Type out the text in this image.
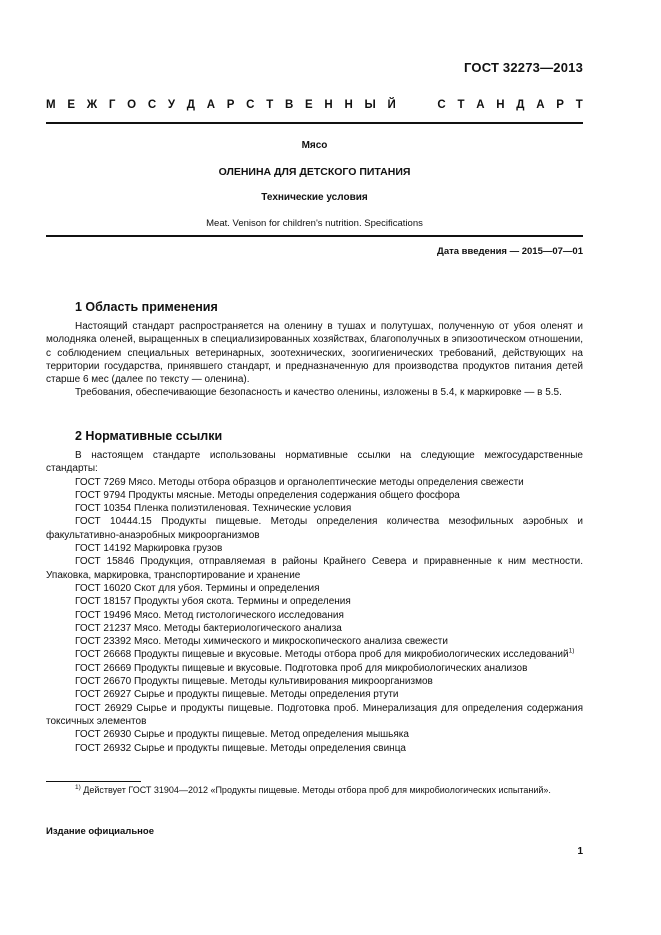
ГОСТ 32273—2013
М Е Ж Г О С У Д А Р С Т В Е Н Н Ы Й

	С Т А Н Д А Р Т
Мясо
ОЛЕНИНА ДЛЯ ДЕТСКОГО ПИТАНИЯ
Технические условия
Meat. Venison for children's nutrition. Specifications
Дата введения — 2015—07—01
1 Область применения

Настоящий стандарт распространяется на оленину в тушах и полутушах, полученную от убоя оленят и молодняка оленей, выращенных в специализированных хозяйствах, благополучных в эпизоотическом отношении, с соблюдением специальных ветеринарных, зоотехнических, зоогигиенических требований, действующих на территории государства, принявшего стандарт, и предназначенную для производства продуктов питания детей старше 6 мес (далее по тексту — оленина).

Требования, обеспечивающие безопасность и качество оленины, изложены в 5.4, к маркировке — в 5.5.

2 Нормативные ссылки

В настоящем стандарте использованы нормативные ссылки на следующие межгосударственные стандарты:

ГОСТ 7269 Мясо. Методы отбора образцов и органолептические методы определения свежести

ГОСТ 9794 Продукты мясные. Методы определения содержания общего фосфора

ГОСТ 10354 Пленка полиэтиленовая. Технические условия

ГОСТ 10444.15 Продукты пищевые. Методы определения количества мезофильных аэробных и факультативно-анаэробных микроорганизмов

ГОСТ 14192 Маркировка грузов

ГОСТ 15846 Продукция, отправляемая в районы Крайнего Севера и приравненные к ним местности. Упаковка, маркировка, транспортирование и хранение

ГОСТ 16020 Скот для убоя. Термины и определения

ГОСТ 18157 Продукты убоя скота. Термины и определения

ГОСТ 19496 Мясо. Метод гистологического исследования

ГОСТ 21237 Мясо. Методы бактериологического анализа

ГОСТ 23392 Мясо. Методы химического и микроскопического анализа свежести

ГОСТ 26668 Продукты пищевые и вкусовые. Методы отбора проб для микробиологических исследований$^{1)}$

ГОСТ 26669 Продукты пищевые и вкусовые. Подготовка проб для микробиологических анализов

ГОСТ 26670 Продукты пищевые. Методы культивирования микроорганизмов

ГОСТ 26927 Сырье и продукты пищевые. Методы определения ртути

ГОСТ 26929 Сырье и продукты пищевые. Подготовка проб. Минерализация для определения содержания токсичных элементов

ГОСТ 26930 Сырье и продукты пищевые. Метод определения мышьяка

ГОСТ 26932 Сырье и продукты пищевые. Методы определения свинца

$^{1)}$ Действует ГОСТ 31904—2012 «Продукты пищевые. Методы отбора проб для микробиологических испытаний».
Издание официальное
1
